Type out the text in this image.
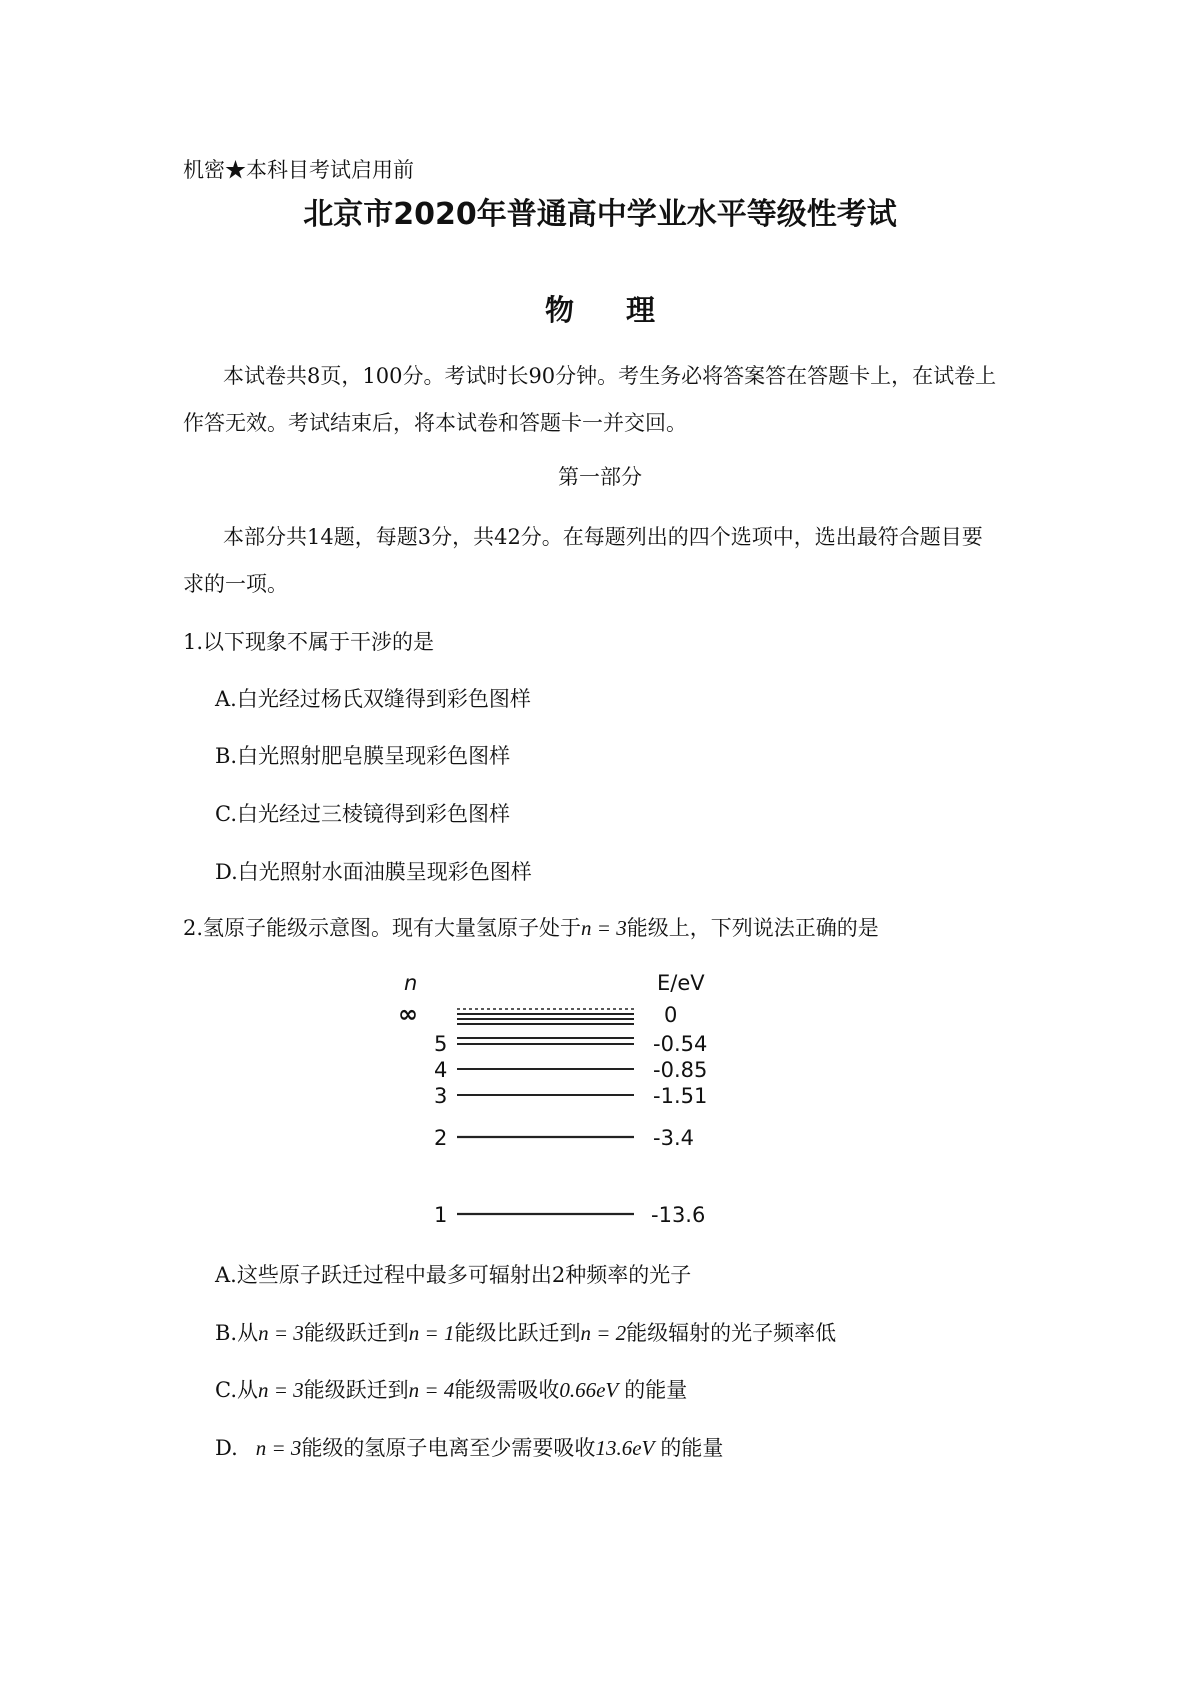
机密★本科目考试启用前
北京市2020年普通高中学业水平等级性考试
物理
本试卷共8页，100分。考试时长90分钟。考生务必将答案答在答题卡上，在试卷上
作答无效。考试结束后，将本试卷和答题卡一并交回。
第一部分
本部分共14题，每题3分，共42分。在每题列出的四个选项中，选出最符合题目要
求的一项。
1.以下现象不属于干涉的是
A.白光经过杨氏双缝得到彩色图样
B.白光照射肥皂膜呈现彩色图样
C.白光经过三棱镜得到彩色图样
D.白光照射水面油膜呈现彩色图样
2.氢原子能级示意图。现有大量氢原子处于n = 3能级上，下列说法正确的是
n	E/eV
∞	0
5	-0.54
4	-0.85
3	-1.51
2	-3.4
1	-13.6
A.这些原子跃迁过程中最多可辐射出2种频率的光子
B.从n = 3能级跃迁到n = 1能级比跃迁到n = 2能级辐射的光子频率低
C.从n = 3能级跃迁到n = 4能级需吸收0.66eV 的能量
D. n = 3能级的氢原子电离至少需要吸收13.6eV 的能量
